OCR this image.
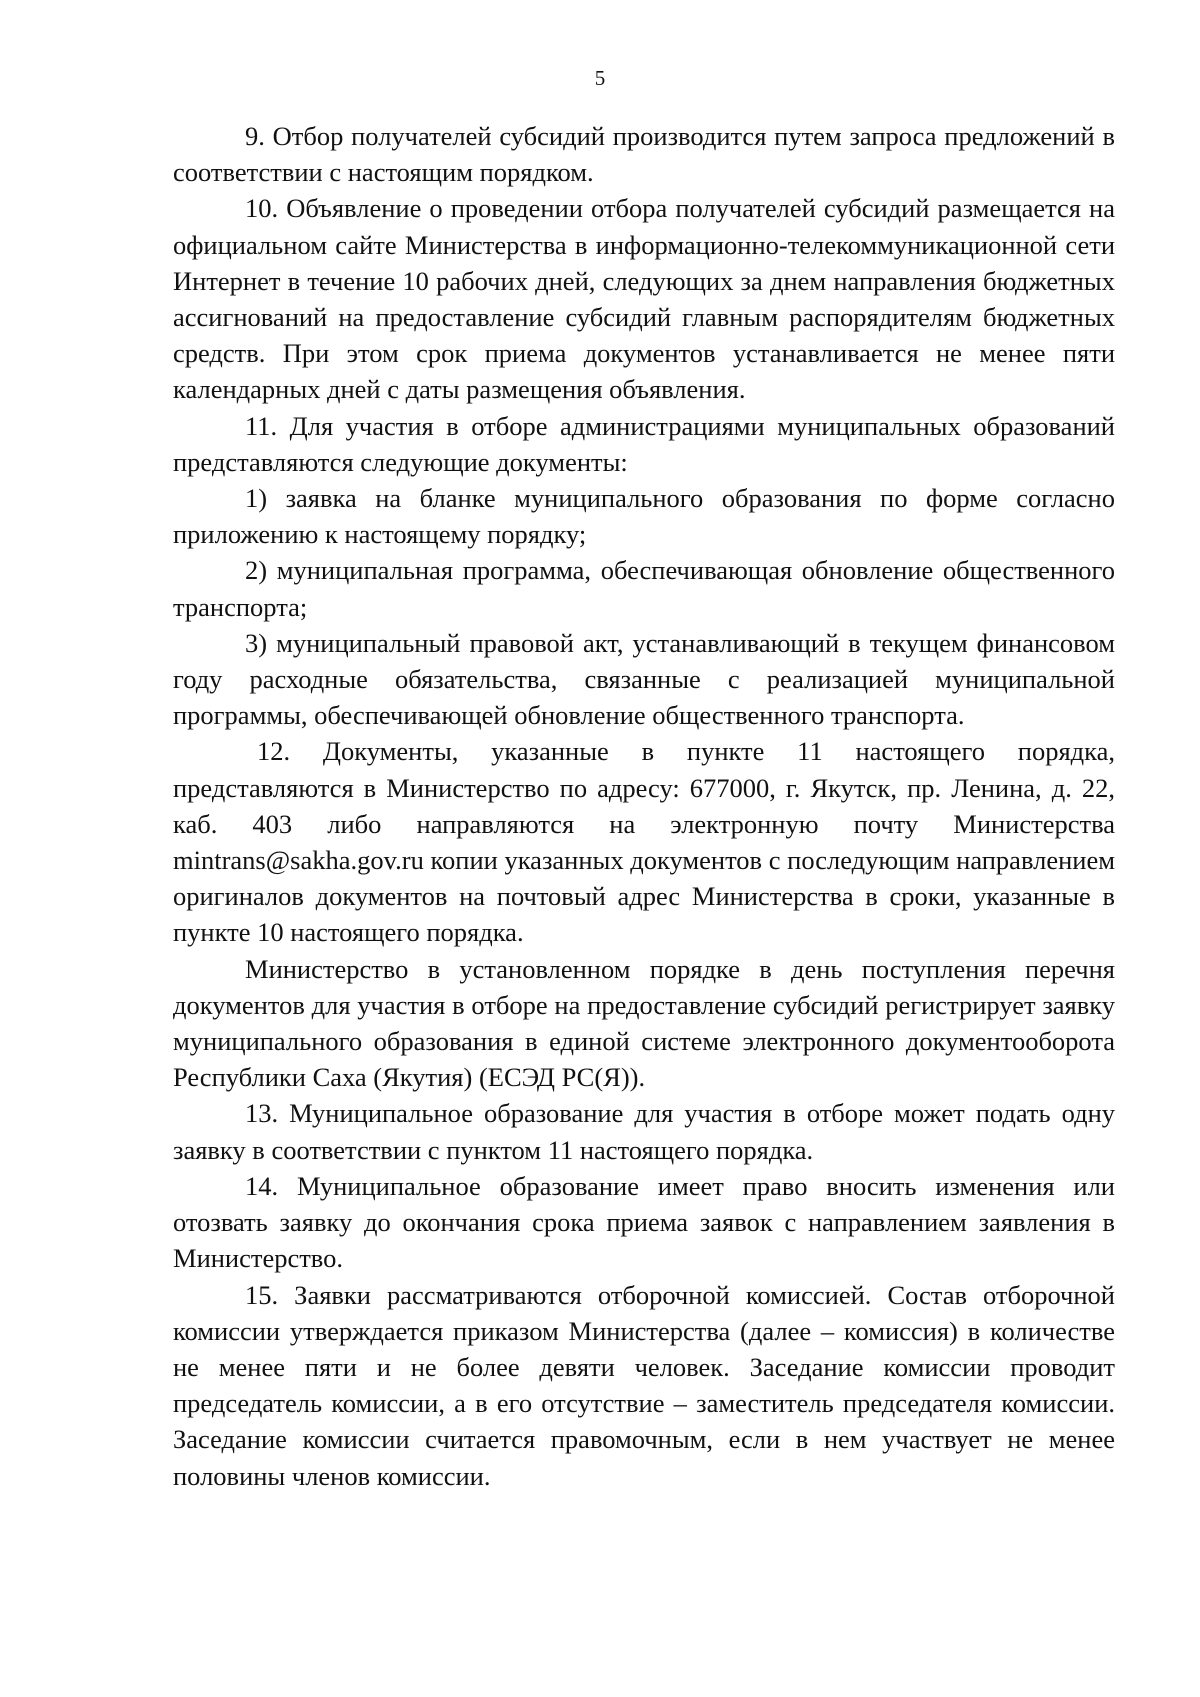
5

9. Отбор получателей субсидий производится путем запроса предложений в соответствии с настоящим порядком.

10. Объявление о проведении отбора получателей субсидий размещается на официальном сайте Министерства в информационно-телекоммуникационной сети Интернет в течение 10 рабочих дней, следующих за днем направления бюджетных ассигнований на предоставление субсидий главным распорядителям бюджетных средств. При этом срок приема документов устанавливается не менее пяти календарных дней с даты размещения объявления.

11. Для участия в отборе администрациями муниципальных образований представляются следующие документы:

1) заявка на бланке муниципального образования по форме согласно приложению к настоящему порядку;

2) муниципальная программа, обеспечивающая обновление общественного транспорта;

3) муниципальный правовой акт, устанавливающий в текущем финансовом году расходные обязательства, связанные с реализацией муниципальной программы, обеспечивающей обновление общественного транспорта.

12. Документы, указанные в пункте 11 настоящего порядка, представляются в Министерство по адресу: 677000, г. Якутск, пр. Ленина, д. 22, каб. 403 либо направляются на электронную почту Министерства mintrans@sakha.gov.ru копии указанных документов с последующим направлением оригиналов документов на почтовый адрес Министерства в сроки, указанные в пункте 10 настоящего порядка.

Министерство в установленном порядке в день поступления перечня документов для участия в отборе на предоставление субсидий регистрирует заявку муниципального образования в единой системе электронного документооборота Республики Саха (Якутия) (ЕСЭД РС(Я)).

13. Муниципальное образование для участия в отборе может подать одну заявку в соответствии с пунктом 11 настоящего порядка.

14. Муниципальное образование имеет право вносить изменения или отозвать заявку до окончания срока приема заявок с направлением заявления в Министерство.

15. Заявки рассматриваются отборочной комиссией. Состав отборочной комиссии утверждается приказом Министерства (далее – комиссия) в количестве не менее пяти и не более девяти человек. Заседание комиссии проводит председатель комиссии, а в его отсутствие – заместитель председателя комиссии. Заседание комиссии считается правомочным, если в нем участвует не менее половины членов комиссии.
